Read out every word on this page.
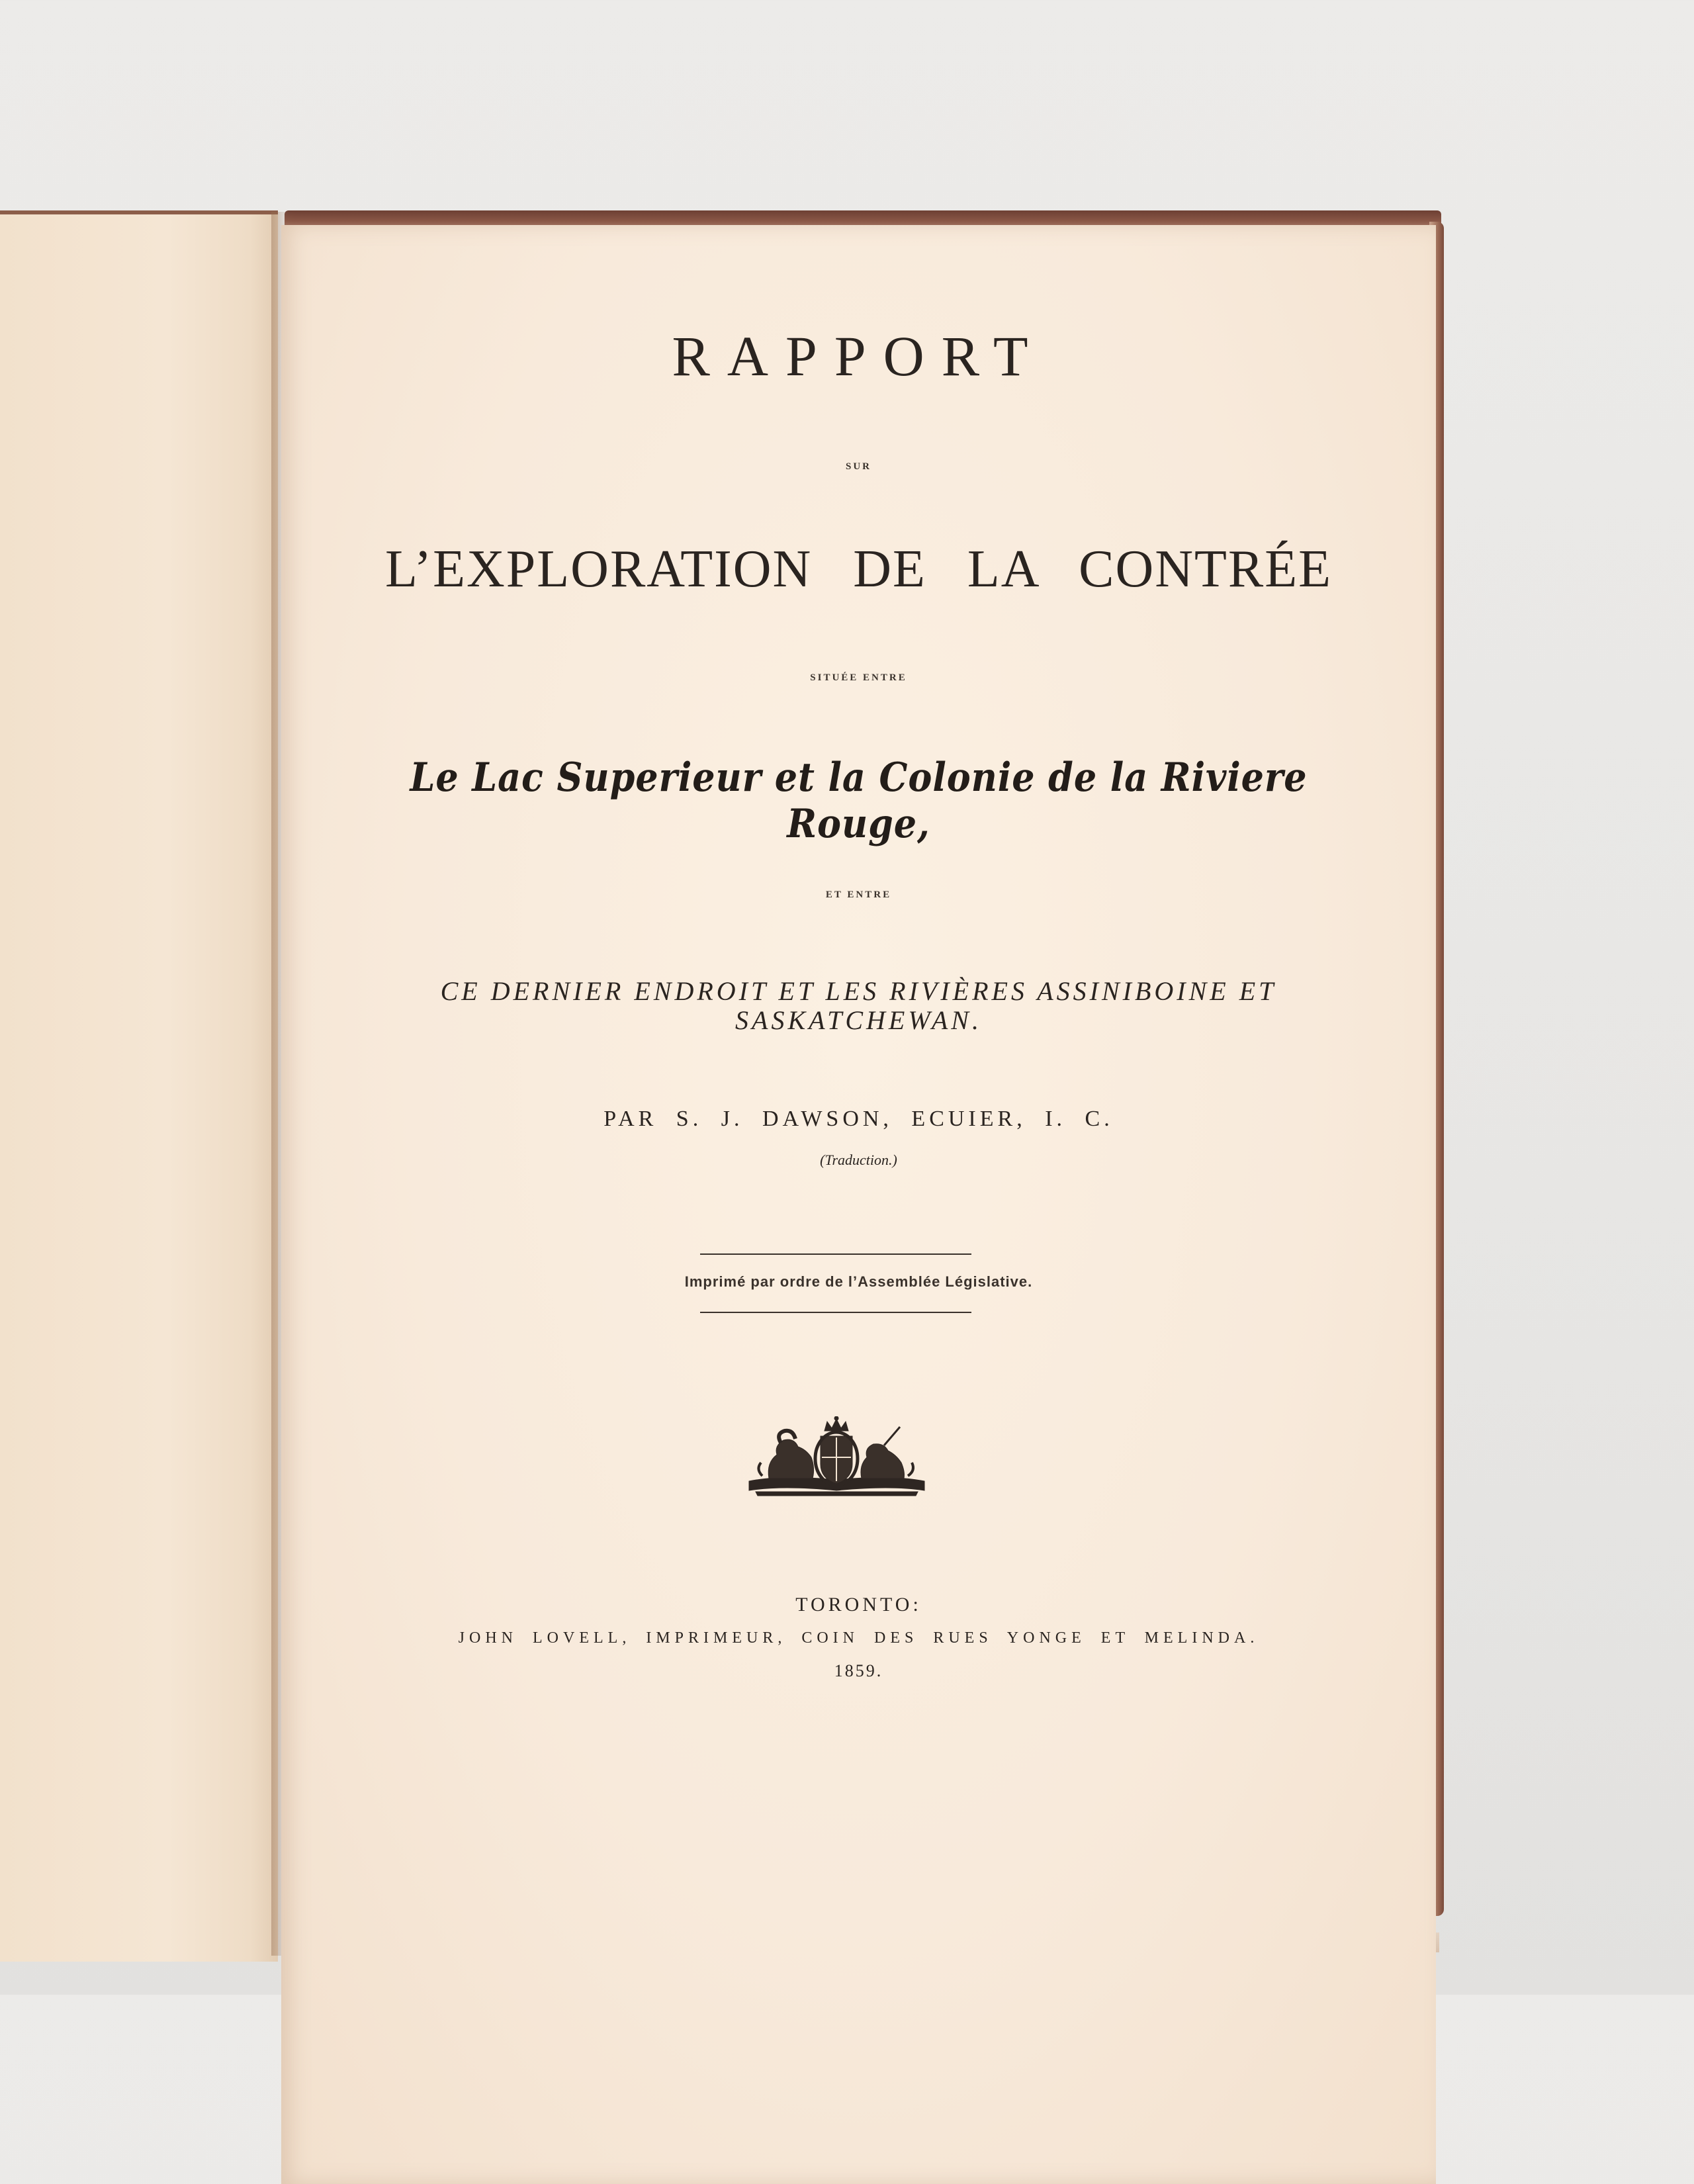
RAPPORT
SUR
L’EXPLORATION DE LA CONTRÉE
SITUÉE ENTRE
Le Lac Superieur et la Colonie de la Riviere Rouge,
ET ENTRE
CE DERNIER ENDROIT ET LES RIVIÈRES ASSINIBOINE ET
SASKATCHEWAN.
PAR S. J. DAWSON, ECUIER, I. C.
(Traduction.)
Imprimé par ordre de l’Assemblée Législative.
TORONTO:
JOHN LOVELL, IMPRIMEUR, COIN DES RUES YONGE ET MELINDA.
1859.
